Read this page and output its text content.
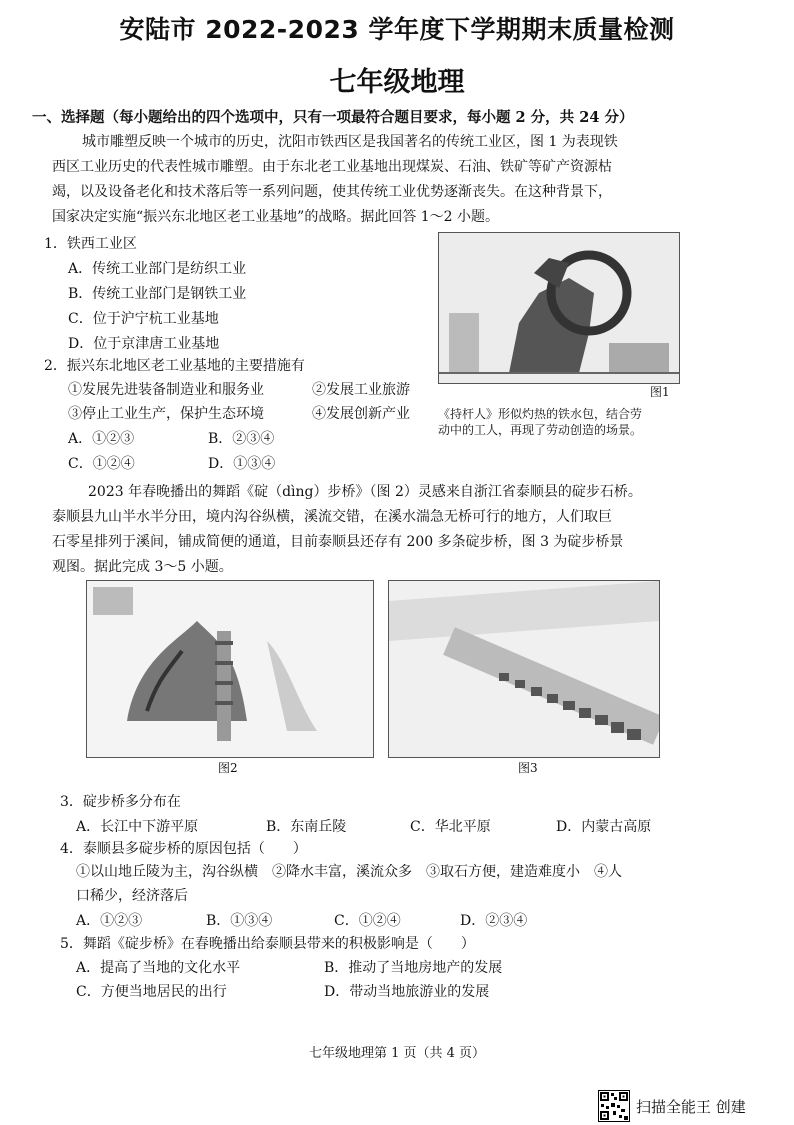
安陆市 2022-2023 学年度下学期期末质量检测
七年级地理
一、选择题（每小题给出的四个选项中，只有一项最符合题目要求，每小题 2 分，共 24 分）
城市雕塑反映一个城市的历史，沈阳市铁西区是我国著名的传统工业区，图 1 为表现铁
西区工业历史的代表性城市雕塑。由于东北老工业基地出现煤炭、石油、铁矿等矿产资源枯
竭，以及设备老化和技术落后等一系列问题，使其传统工业优势逐渐丧失。在这种背景下，
国家决定实施“振兴东北地区老工业基地”的战略。据此回答 1～2 小题。
1．铁西工业区
A．传统工业部门是纺织工业
B．传统工业部门是钢铁工业
C．位于沪宁杭工业基地
D．位于京津唐工业基地
2．振兴东北地区老工业基地的主要措施有
①发展先进装备制造业和服务业	②发展工业旅游
③停止工业生产，保护生态环境	④发展创新产业
A．①②③	B．②③④
C．①②④	D．①③④
图1
《持杆人》形似灼热的铁水包，结合劳
动中的工人，再现了劳动创造的场景。
2023 年春晚播出的舞蹈《碇（dìng）步桥》（图 2）灵感来自浙江省泰顺县的碇步石桥。
泰顺县九山半水半分田，境内沟谷纵横，溪流交错，在溪水湍急无桥可行的地方，人们取巨
石零星排列于溪间，铺成简便的通道，目前泰顺县还存有 200 多条碇步桥，图 3 为碇步桥景
观图。据此完成 3～5 小题。
图2	图3
3．碇步桥多分布在
A．长江中下游平原	B．东南丘陵	C．华北平原	D．内蒙古高原
4．泰顺县多碇步桥的原因包括（　　）
①以山地丘陵为主，沟谷纵横　②降水丰富，溪流众多　③取石方便，建造难度小　④人
口稀少，经济落后
A．①②③	B．①③④	C．①②④	D．②③④
5．舞蹈《碇步桥》在春晚播出给泰顺县带来的积极影响是（　　）
A．提高了当地的文化水平	B．推动了当地房地产的发展
C．方便当地居民的出行	D．带动当地旅游业的发展
七年级地理第 1 页（共 4 页）
扫描全能王 创建
